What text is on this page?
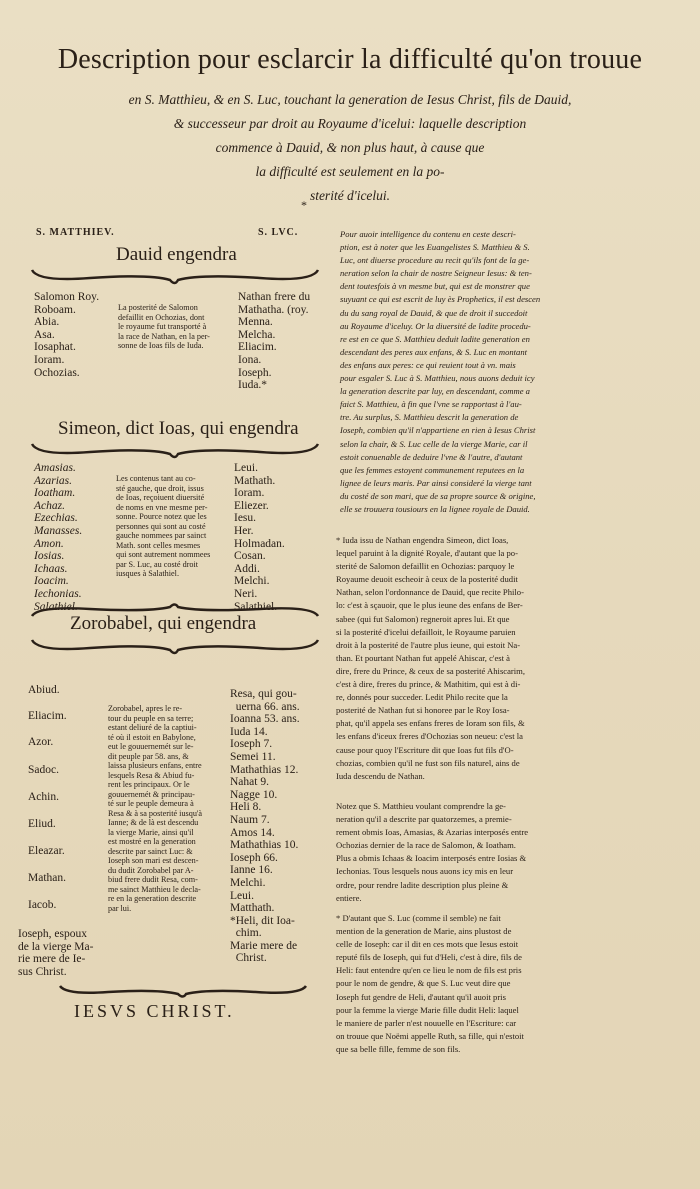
Description pour esclarcir la difficulté qu'on trouue
en S. Matthieu, & en S. Luc, touchant la generation de Iesus Christ, fils de Dauid,
& successeur par droit au Royaume d'icelui: laquelle description
commence à Dauid, & non plus haut, à cause que
la difficulté est seulement en la po-
sterité d'icelui.
*
S. MATTHIEV.	S. LVC.
Dauid engendra
Salomon Roy.
Roboam.
Abia.
Asa.
Iosaphat.
Ioram.
Ochozias.
La posterité de Salomon
defaillit en Ochozias, dont
le royaume fut transporté à
la race de Nathan, en la per-
sonne de Ioas fils de Iuda.
Nathan frere du
Mathatha. (roy.
Menna.
Melcha.
Eliacim.
Iona.
Ioseph.
Iuda.*
Simeon, dict Ioas, qui engendra
Amasias.
Azarias.
Ioatham.
Achaz.
Ezechias.
Manasses.
Amon.
Iosias.
Ichaas.
Ioacim.
Iechonias.
Salathiel.
Les contenus tant au co-
sté gauche, que droit, issus
de Ioas, reçoiuent diuersité
de noms en vne mesme per-
sonne. Pource notez que les
personnes qui sont au costé
gauche nommees par sainct
Math. sont celles mesmes
qui sont autrement nommees
par S. Luc, au costé droit
iusques à Salathiel.
Leui.
Mathath.
Ioram.
Eliezer.
Iesu.
Her.
Holmadan.
Cosan.
Addi.
Melchi.
Neri.
Salathiel.
Zorobabel, qui engendra
Abiud.
Eliacim.
Azor.
Sadoc.
Achin.
Eliud.
Eleazar.
Mathan.
Iacob.
Ioseph, espoux
de la vierge Ma-
rie mere de Ie-
sus Christ.
Zorobabel, apres le re-
tour du peuple en sa terre;
estant deliuré de la captiui-
té où il estoit en Babylone,
eut le gouuernemét sur le-
dit peuple par 58. ans, &
laissa plusieurs enfans, entre
lesquels Resa & Abiud fu-
rent les principaux. Or le
gouuernemét & principau-
té sur le peuple demeura à
Resa & à sa posterité iusqu'à
Ianne; & de là est descendu
la vierge Marie, ainsi qu'il
est mostré en la generation
descrite par sainct Luc: &
Ioseph son mari est descen-
du dudit Zorobabel par A-
biud frere dudit Resa, com-
me sainct Matthieu le decla-
re en la generation descrite
par lui.
Resa, qui gou-
uerna 66. ans.
Ioanna 53. ans.
Iuda 14.
Ioseph 7.
Semei 11.
Mathathias 12.
Nahat 9.
Nagge 10.
Heli 8.
Naum 7.
Amos 14.
Mathathias 10.
Ioseph 66.
Ianne 16.
Melchi.
Leui.
Matthath.
*Heli, dit Ioa-
chim.
Marie mere de
Christ.
IESVS CHRIST.
Pour auoir intelligence du contenu en ceste descri-
ption, est à noter que les Euangelistes S. Matthieu & S.
Luc, ont diuerse procedure au recit qu'ils font de la ge-
neration selon la chair de nostre Seigneur Iesus: & ten-
dent toutesfois à vn mesme but, qui est de monstrer que
suyuant ce qui est escrit de luy ès Prophetics, il est descen
du du sang royal de Dauid, & que de droit il succedoit
au Royaume d'iceluy. Or la diuersité de ladite procedu-
re est en ce que S. Matthieu deduit ladite generation en
descendant des peres aux enfans, & S. Luc en montant
des enfans aux peres: ce qui reuient tout à vn. mais
pour esgaler S. Luc à S. Matthieu, nous auons deduit icy
la generation descrite par luy, en descendant, comme a
faict S. Matthieu, à fin que l'vne se rapportast à l'au-
tre. Au surplus, S. Matthieu descrit la generation de
Ioseph, combien qu'il n'appartiene en rien à Iesus Christ
selon la chair, & S. Luc celle de la vierge Marie, car il
estoit conuenable de deduire l'vne & l'autre, d'autant
que les femmes estoyent communement reputees en la
lignee de leurs maris. Par ainsi consideré la vierge tant
du costé de son mari, que de sa propre source & origine,
elle se trouuera tousiours en la lignee royale de Dauid.
* Iuda issu de Nathan engendra Simeon, dict Ioas,
lequel paruint à la dignité Royale, d'autant que la po-
sterité de Salomon defaillit en Ochozias: parquoy le
Royaume deuoit escheoir à ceux de la posterité dudit
Nathan, selon l'ordonnance de Dauid, que recite Philo-
lo: c'est à sçauoir, que le plus ieune des enfans de Ber-
sabee (qui fut Salomon) regneroit apres lui. Et que
si la posterité d'icelui defailloit, le Royaume paruien
droit à la posterité de l'autre plus ieune, qui estoit Na-
than. Et pourtant Nathan fut appelé Ahiscar, c'est à
dire, frere du Prince, & ceux de sa posterité Ahiscarim,
c'est à dire, freres du prince, & Mathitim, qui est à di-
re, donnés pour succeder. Ledit Philo recite que la
posterité de Nathan fut si honoree par le Roy Iosa-
phat, qu'il appela ses enfans freres de Ioram son fils, &
les enfans d'iceux freres d'Ochozias son neueu: c'est la
cause pour quoy l'Escriture dit que Ioas fut fils d'O-
chozias, combien qu'il ne fust son fils naturel, ains de
Iuda descendu de Nathan.
Notez que S. Matthieu voulant comprendre la ge-
neration qu'il a descrite par quatorzemes, a premie-
rement obmis Ioas, Amasias, & Azarias interposés entre
Ochozias dernier de la race de Salomon, & Ioatham.
Plus a obmis Ichaas & Ioacim interposés entre Iosias &
Iechonias. Tous lesquels nous auons icy mis en leur
ordre, pour rendre ladite description plus pleine &
entiere.
* D'autant que S. Luc (comme il semble) ne fait
mention de la generation de Marie, ains plustost de
celle de Ioseph: car il dit en ces mots que Iesus estoit
reputé fils de Ioseph, qui fut d'Heli, c'est à dire, fils de
Heli: faut entendre qu'en ce lieu le nom de fils est pris
pour le nom de gendre, & que S. Luc veut dire que
Ioseph fut gendre de Heli, d'autant qu'il auoit pris
pour la femme la vierge Marie fille dudit Heli: laquel
le maniere de parler n'est nouuelle en l'Escriture: car
on trouue que Noëmi appelle Ruth, sa fille, qui n'estoit
que sa belle fille, femme de son fils.
